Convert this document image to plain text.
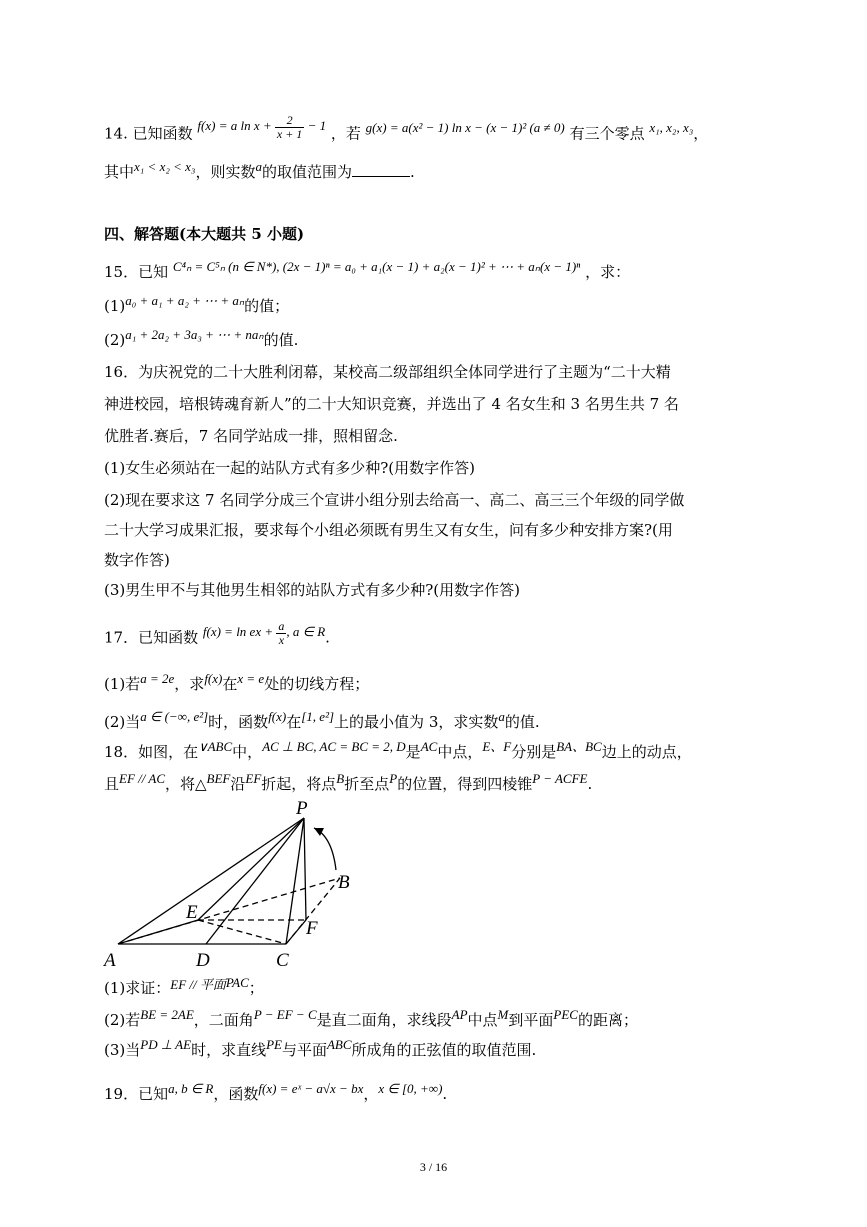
14. 已知函数 f(x) = a $\ln x + \frac{2}{x + 1} - 1$ ，若 g(x) = a(x² − 1) ln x − (x − 1)² (a ≠ 0) 有三个零点 x₁, x₂, x₃，
其中x₁ < x₂ < x₃，则实数a的取值范围为	.
四、解答题(本大题共 5 小题)
15．已知 C⁴ₙ = C⁵ₙ (n ∈ N*), (2x − 1)ⁿ = a₀ + a₁(x − 1) + a₂(x − 1)² + ⋯ + aₙ(x − 1)ⁿ ，求：
(1)a₀ + a₁ + a₂ + ⋯ + aₙ的值；
(2)a₁ + 2a₂ + 3a₃ + ⋯ + naₙ的值.
16．为庆祝党的二十大胜利闭幕，某校高二级部组织全体同学进行了主题为“二十大精
神进校园，培根铸魂育新人”的二十大知识竞赛，并选出了 4 名女生和 3 名男生共 7 名
优胜者.赛后，7 名同学站成一排，照相留念.
(1)女生必须站在一起的站队方式有多少种?(用数字作答)
(2)现在要求这 7 名同学分成三个宣讲小组分别去给高一、高二、高三三个年级的同学做
二十大学习成果汇报，要求每个小组必须既有男生又有女生，问有多少种安排方案?(用
数字作答)
(3)男生甲不与其他男生相邻的站队方式有多少种?(用数字作答)
17．已知函数 f(x) = ln ex + $\frac{a}{x}$ , a ∈ R.
(1)若a = 2e，求f(x)在x = e处的切线方程；
(2)当a ∈ (−∞, e²]时，函数f(x)在[1, e²]上的最小值为 3，求实数a的值.
18．如图，在∨ABC中，AC ⊥ BC, AC = BC = 2, D是AC中点，E、F分别是BA、BC边上的动点，
且EF // AC，将△BEF沿EF折起，将点B折至点P的位置，得到四棱锥P − ACFE.
P
B
E
F
A	D	C
(1)求证：EF // 平面PAC；
(2)若BE = 2AE，二面角P − EF − C是直二面角，求线段AP中点M到平面PEC的距离；
(3)当PD ⊥ AE时，求直线PE与平面ABC所成角的正弦值的取值范围.
19．已知a, b ∈ R，函数f(x) = eˣ − a√x − bx，x ∈ [0, +∞).
3 / 16
